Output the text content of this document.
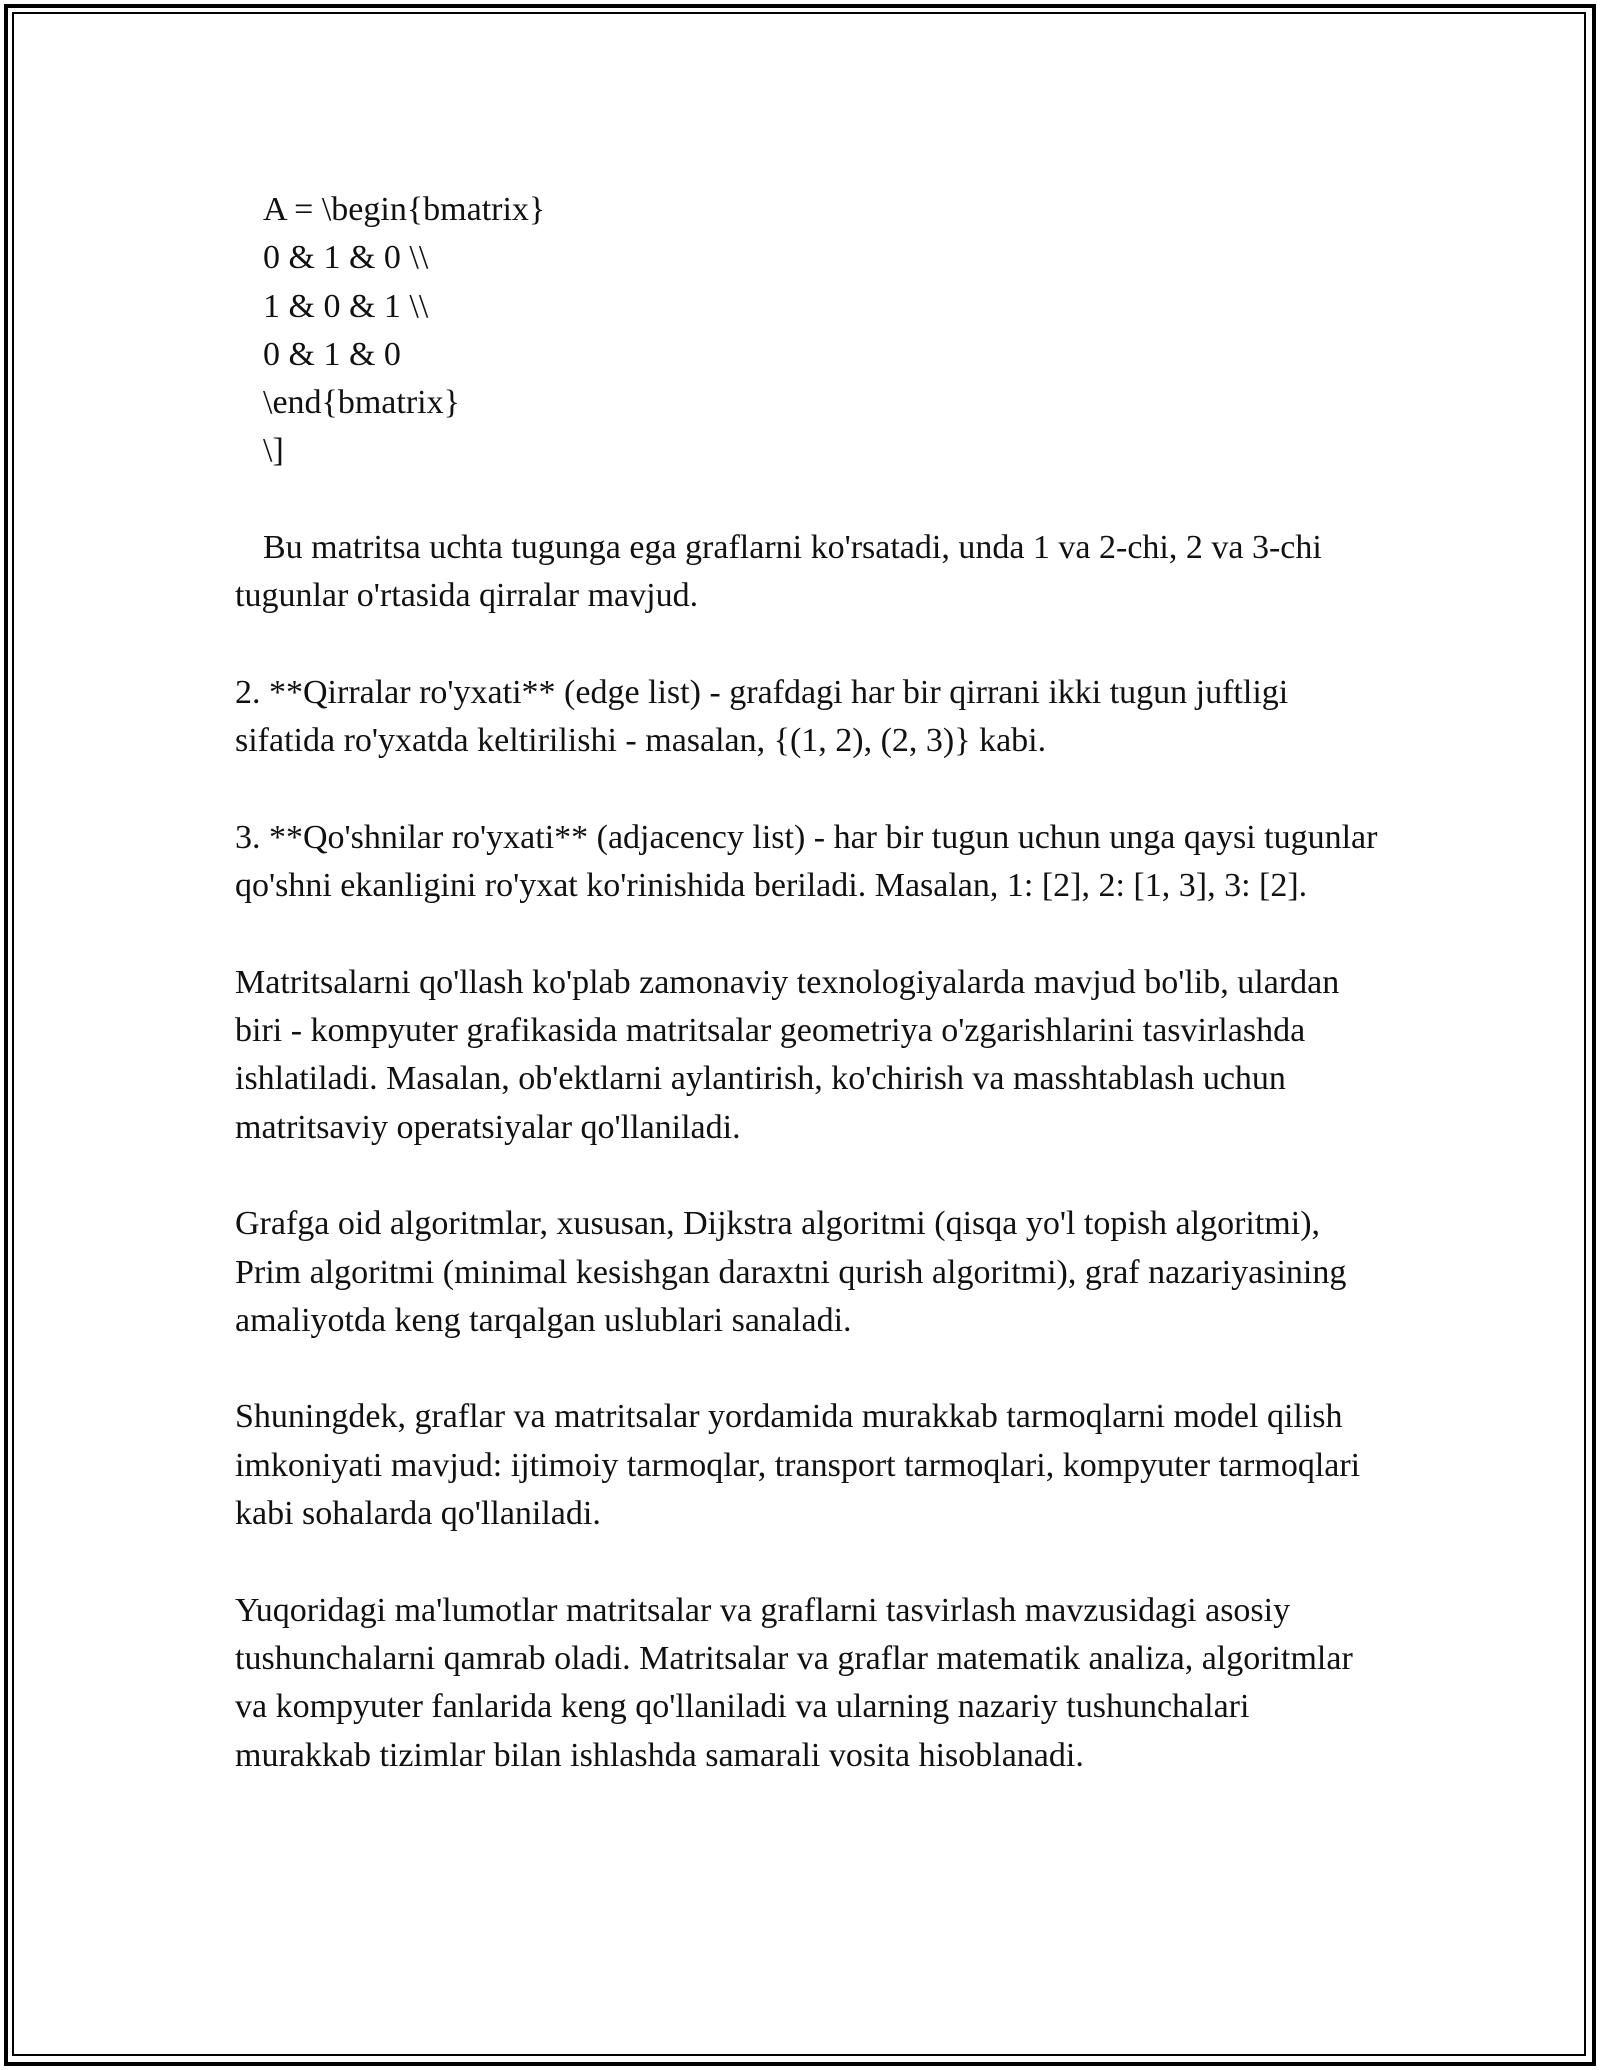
A = \begin{bmatrix}
0 & 1 & 0 \\
1 & 0 & 1 \\
0 & 1 & 0
\end{bmatrix}
\]

Bu matritsa uchta tugunga ega graflarni ko'rsatadi, unda 1 va 2-chi, 2 va 3-chi tugunlar o'rtasida qirralar mavjud.

2. **Qirralar ro'yxati** (edge list) - grafdagi har bir qirrani ikki tugun juftligi sifatida ro'yxatda keltirilishi - masalan, {(1, 2), (2, 3)} kabi.

3. **Qo'shnilar ro'yxati** (adjacency list) - har bir tugun uchun unga qaysi tugunlar qo'shni ekanligini ro'yxat ko'rinishida beriladi. Masalan, 1: [2], 2: [1, 3], 3: [2].

Matritsalarni qo'llash ko'plab zamonaviy texnologiyalarda mavjud bo'lib, ulardan biri - kompyuter grafikasida matritsalar geometriya o'zgarishlarini tasvirlashda ishlatiladi. Masalan, ob'ektlarni aylantirish, ko'chirish va masshtablash uchun matritsaviy operatsiyalar qo'llaniladi.

Grafga oid algoritmlar, xususan, Dijkstra algoritmi (qisqa yo'l topish algoritmi), Prim algoritmi (minimal kesishgan daraxtni qurish algoritmi), graf nazariyasining amaliyotda keng tarqalgan uslublari sanaladi.

Shuningdek, graflar va matritsalar yordamida murakkab tarmoqlarni model qilish imkoniyati mavjud: ijtimoiy tarmoqlar, transport tarmoqlari, kompyuter tarmoqlari kabi sohalarda qo'llaniladi.

Yuqoridagi ma'lumotlar matritsalar va graflarni tasvirlash mavzusidagi asosiy tushunchalarni qamrab oladi. Matritsalar va graflar matematik analiza, algoritmlar va kompyuter fanlarida keng qo'llaniladi va ularning nazariy tushunchalari murakkab tizimlar bilan ishlashda samarali vosita hisoblanadi.
